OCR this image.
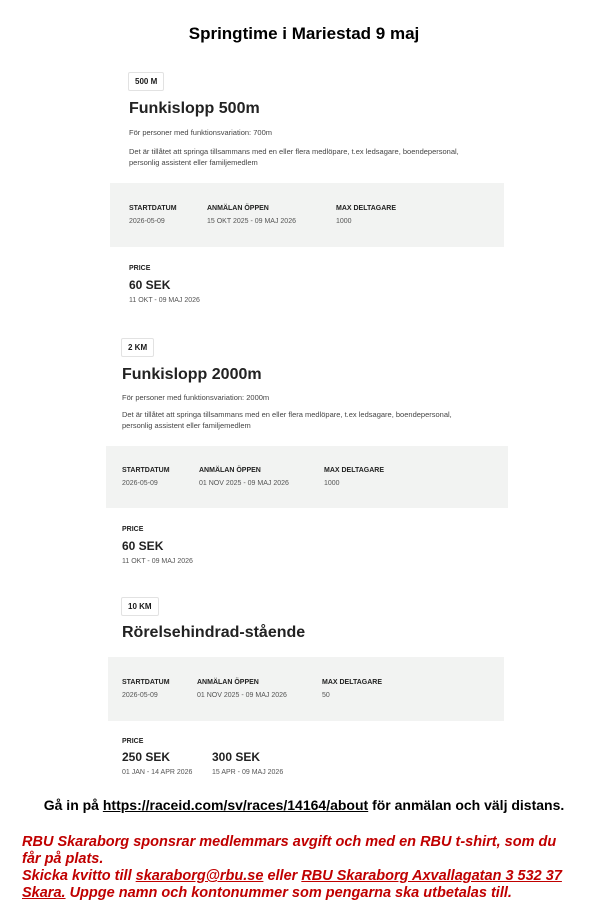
Springtime i Mariestad 9 maj
500 M
Funkislopp 500m
För personer med funktionsvariation: 700m
Det är tillåtet att springa tillsammans med en eller flera medlöpare, t.ex ledsagare, boendepersonal,
personlig assistent eller familjemedlem
STARTDATUM
2026-05-09
ANMÄLAN ÖPPEN
15 OKT 2025 - 09 MAJ 2026
MAX DELTAGARE
1000
PRICE
60 SEK
11 OKT - 09 MAJ 2026
2 KM
Funkislopp 2000m
För personer med funktionsvariation: 2000m
Det är tillåtet att springa tillsammans med en eller flera medlöpare, t.ex ledsagare, boendepersonal,
personlig assistent eller familjemedlem
STARTDATUM
2026-05-09
ANMÄLAN ÖPPEN
01 NOV 2025 - 09 MAJ 2026
MAX DELTAGARE
1000
PRICE
60 SEK
11 OKT - 09 MAJ 2026
10 KM
Rörelsehindrad-stående
STARTDATUM
2026-05-09
ANMÄLAN ÖPPEN
01 NOV 2025 - 09 MAJ 2026
MAX DELTAGARE
50
PRICE
250 SEK
01 JAN - 14 APR 2026
300 SEK
15 APR - 09 MAJ 2026
Gå in på https://raceid.com/sv/races/14164/about för anmälan och välj distans.
RBU Skaraborg sponsrar medlemmars avgift och med en RBU t-shirt, som du
får på plats.
Skicka kvitto till skaraborg@rbu.se eller RBU Skaraborg Axvallagatan 3 532 37
Skara. Uppge namn och kontonummer som pengarna ska utbetalas till.
